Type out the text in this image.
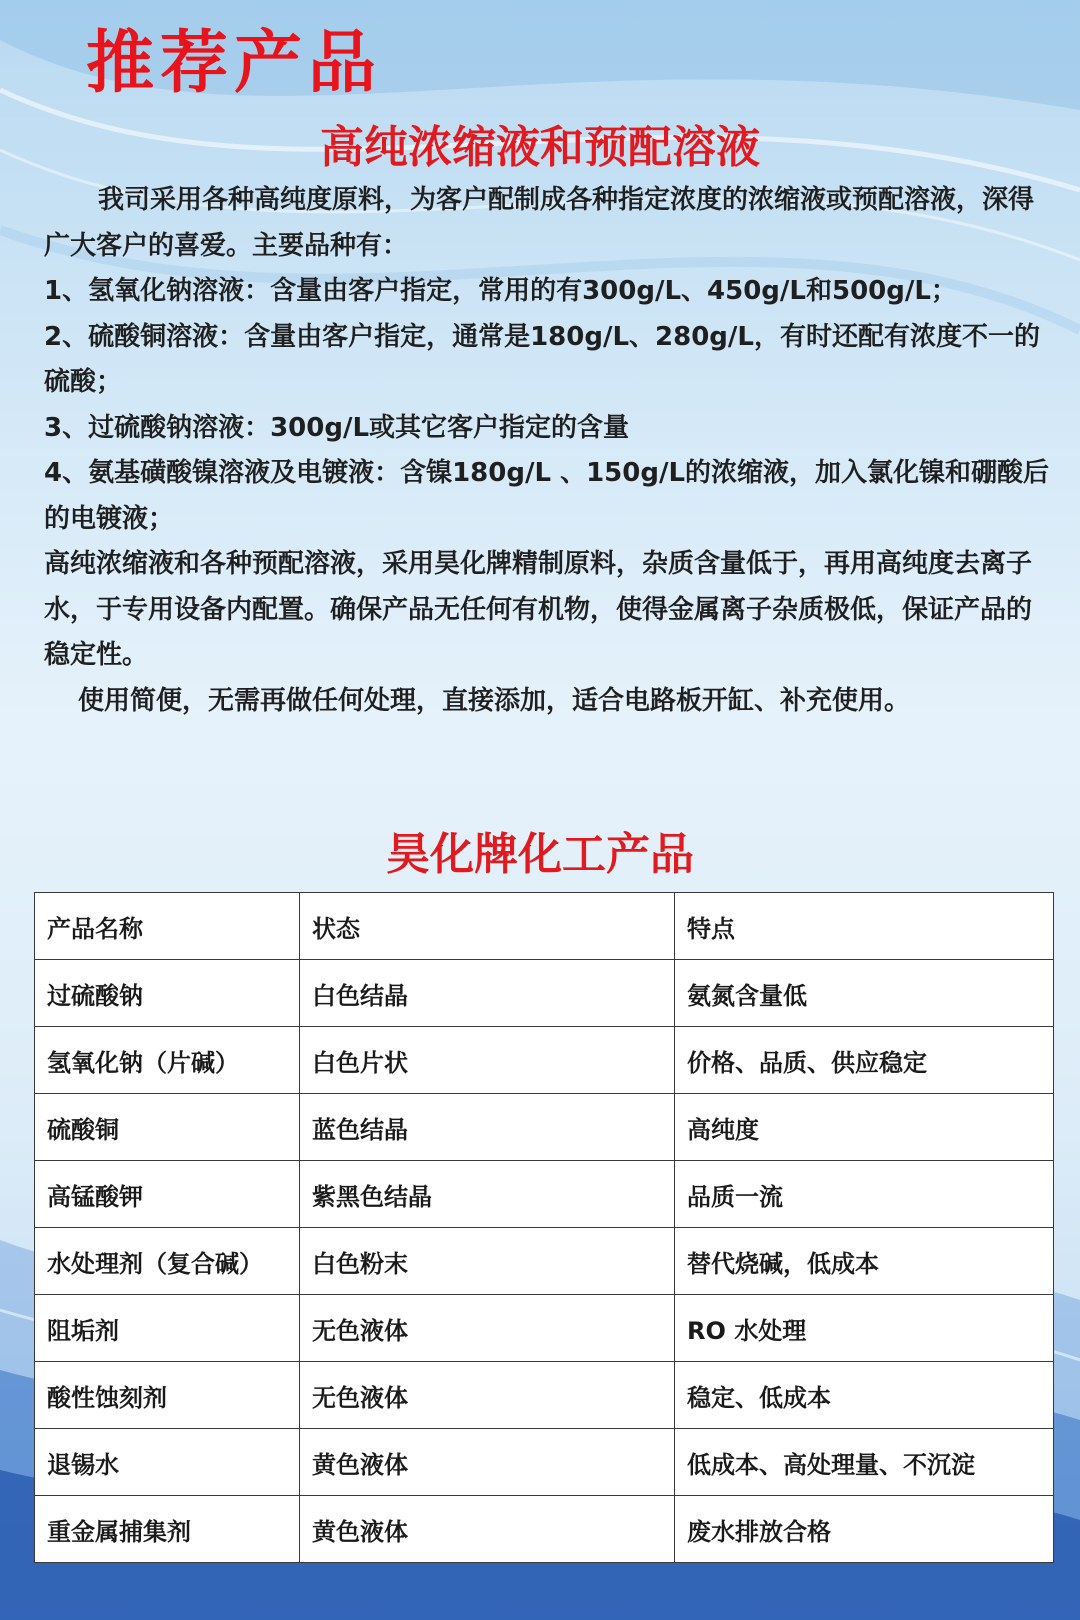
推荐产品
高纯浓缩液和预配溶液

我司采用各种高纯度原料，为客户配制成各种指定浓度的浓缩液或预配溶液，深得广大客户的喜爱。主要品种有：

1、氢氧化钠溶液：含量由客户指定，常用的有300g/L、450g/L和500g/L；

2、硫酸铜溶液：含量由客户指定，通常是180g/L、280g/L，有时还配有浓度不一的硫酸；

3、过硫酸钠溶液：300g/L或其它客户指定的含量

4、氨基磺酸镍溶液及电镀液：含镍180g/L 、150g/L的浓缩液，加入氯化镍和硼酸后的电镀液；

高纯浓缩液和各种预配溶液，采用昊化牌精制原料，杂质含量低于，再用高纯度去离子水，于专用设备内配置。确保产品无任何有机物，使得金属离子杂质极低，保证产品的稳定性。

使用简便，无需再做任何处理，直接添加，适合电路板开缸、补充使用。

昊化牌化工产品
产品名称	状态	特点
过硫酸钠	白色结晶	氨氮含量低
氢氧化钠（片碱）	白色片状	价格、品质、供应稳定
硫酸铜	蓝色结晶	高纯度
高锰酸钾	紫黑色结晶	品质一流
水处理剂（复合碱）	白色粉末	替代烧碱，低成本
阻垢剂	无色液体	RO 水处理
酸性蚀刻剂	无色液体	稳定、低成本
退锡水	黄色液体	低成本、高处理量、不沉淀
重金属捕集剂	黄色液体	废水排放合格
